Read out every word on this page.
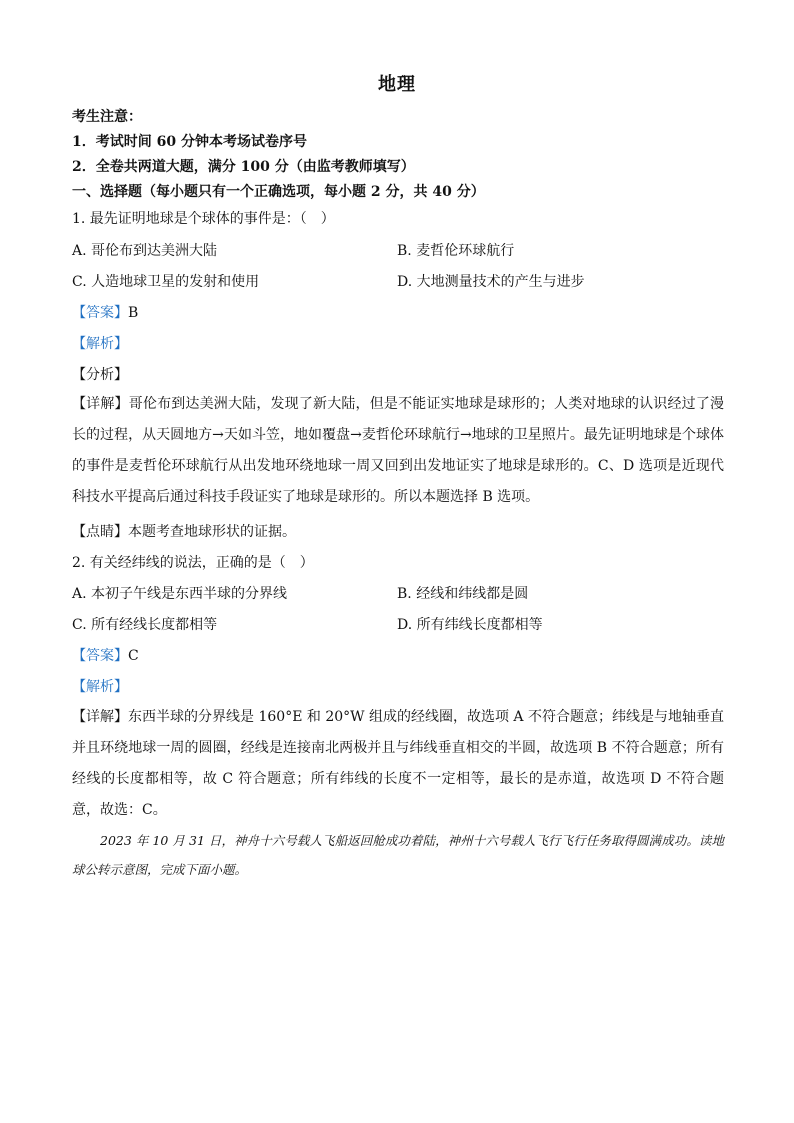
地理
考生注意：
1．考试时间 60 分钟本考场试卷序号
2．全卷共两道大题，满分 100 分（由监考教师填写）
一、选择题（每小题只有一个正确选项，每小题 2 分，共 40 分）
1. 最先证明地球是个球体的事件是：（　）
A. 哥伦布到达美洲大陆	B. 麦哲伦环球航行
C. 人造地球卫星的发射和使用	D. 大地测量技术的产生与进步
【答案】B
【解析】
【分析】
【详解】哥伦布到达美洲大陆，发现了新大陆，但是不能证实地球是球形的；人类对地球的认识经过了漫长的过程，从天圆地方→天如斗笠，地如覆盘→麦哲伦环球航行→地球的卫星照片。最先证明地球是个球体的事件是麦哲伦环球航行从出发地环绕地球一周又回到出发地证实了地球是球形的。C、D 选项是近现代科技水平提高后通过科技手段证实了地球是球形的。所以本题选择 B 选项。
【点睛】本题考查地球形状的证据。
2. 有关经纬线的说法，正确的是（　）
A. 本初子午线是东西半球的分界线	B. 经线和纬线都是圆
C. 所有经线长度都相等	D. 所有纬线长度都相等
【答案】C
【解析】
【详解】东西半球的分界线是 160°E 和 20°W 组成的经线圈，故选项 A 不符合题意；纬线是与地轴垂直并且环绕地球一周的圆圈，经线是连接南北两极并且与纬线垂直相交的半圆，故选项 B 不符合题意；所有经线的长度都相等，故 C 符合题意；所有纬线的长度不一定相等，最长的是赤道，故选项 D 不符合题意，故选：C。
2023 年 10 月 31 日，神舟十六号载人飞船返回舱成功着陆，神州十六号载人飞行飞行任务取得圆满成功。读地球公转示意图，完成下面小题。
